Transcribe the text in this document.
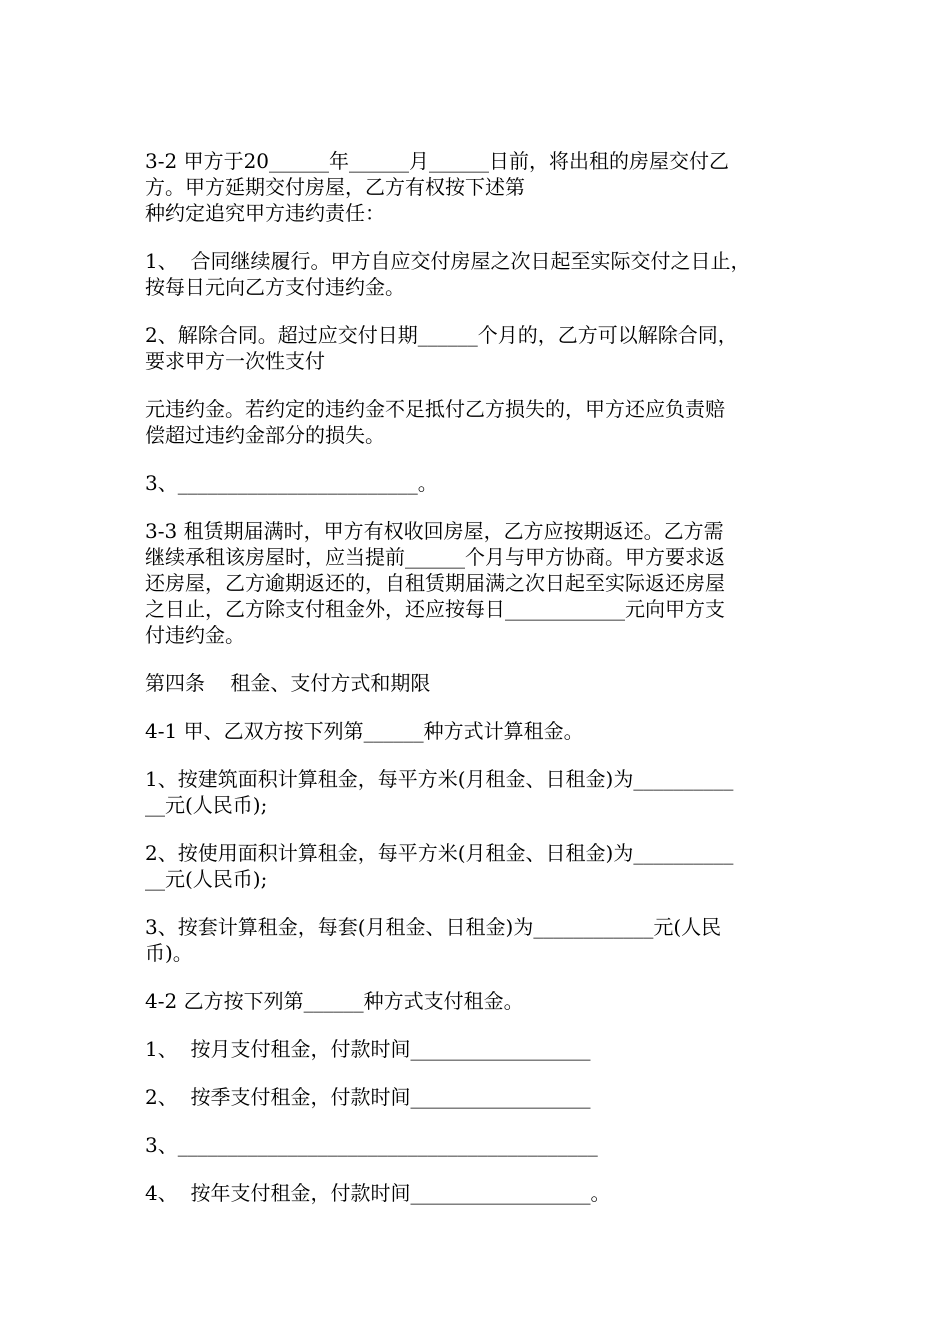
3-2 甲方于20______年______月______日前，将出租的房屋交付乙
方。甲方延期交付房屋，乙方有权按下述第
种约定追究甲方违约责任：
1、  合同继续履行。甲方自应交付房屋之次日起至实际交付之日止，
按每日元向乙方支付违约金。
2、解除合同。超过应交付日期______个月的，乙方可以解除合同，
要求甲方一次性支付
元违约金。若约定的违约金不足抵付乙方损失的，甲方还应负责赔
偿超过违约金部分的损失。
3、________________________。
3-3 租赁期届满时，甲方有权收回房屋，乙方应按期返还。乙方需
继续承租该房屋时，应当提前______个月与甲方协商。甲方要求返
还房屋，乙方逾期返还的，自租赁期届满之次日起至实际返还房屋
之日止，乙方除支付租金外，还应按每日____________元向甲方支
付违约金。
第四条    租金、支付方式和期限
4-1 甲、乙双方按下列第______种方式计算租金。
1、按建筑面积计算租金，每平方米(月租金、日租金)为__________
__元(人民币);
2、按使用面积计算租金，每平方米(月租金、日租金)为__________
__元(人民币);
3、按套计算租金，每套(月租金、日租金)为____________元(人民
币)。
4-2 乙方按下列第______种方式支付租金。
1、  按月支付租金，付款时间__________________
2、  按季支付租金，付款时间__________________
3、__________________________________________
4、  按年支付租金，付款时间__________________。
